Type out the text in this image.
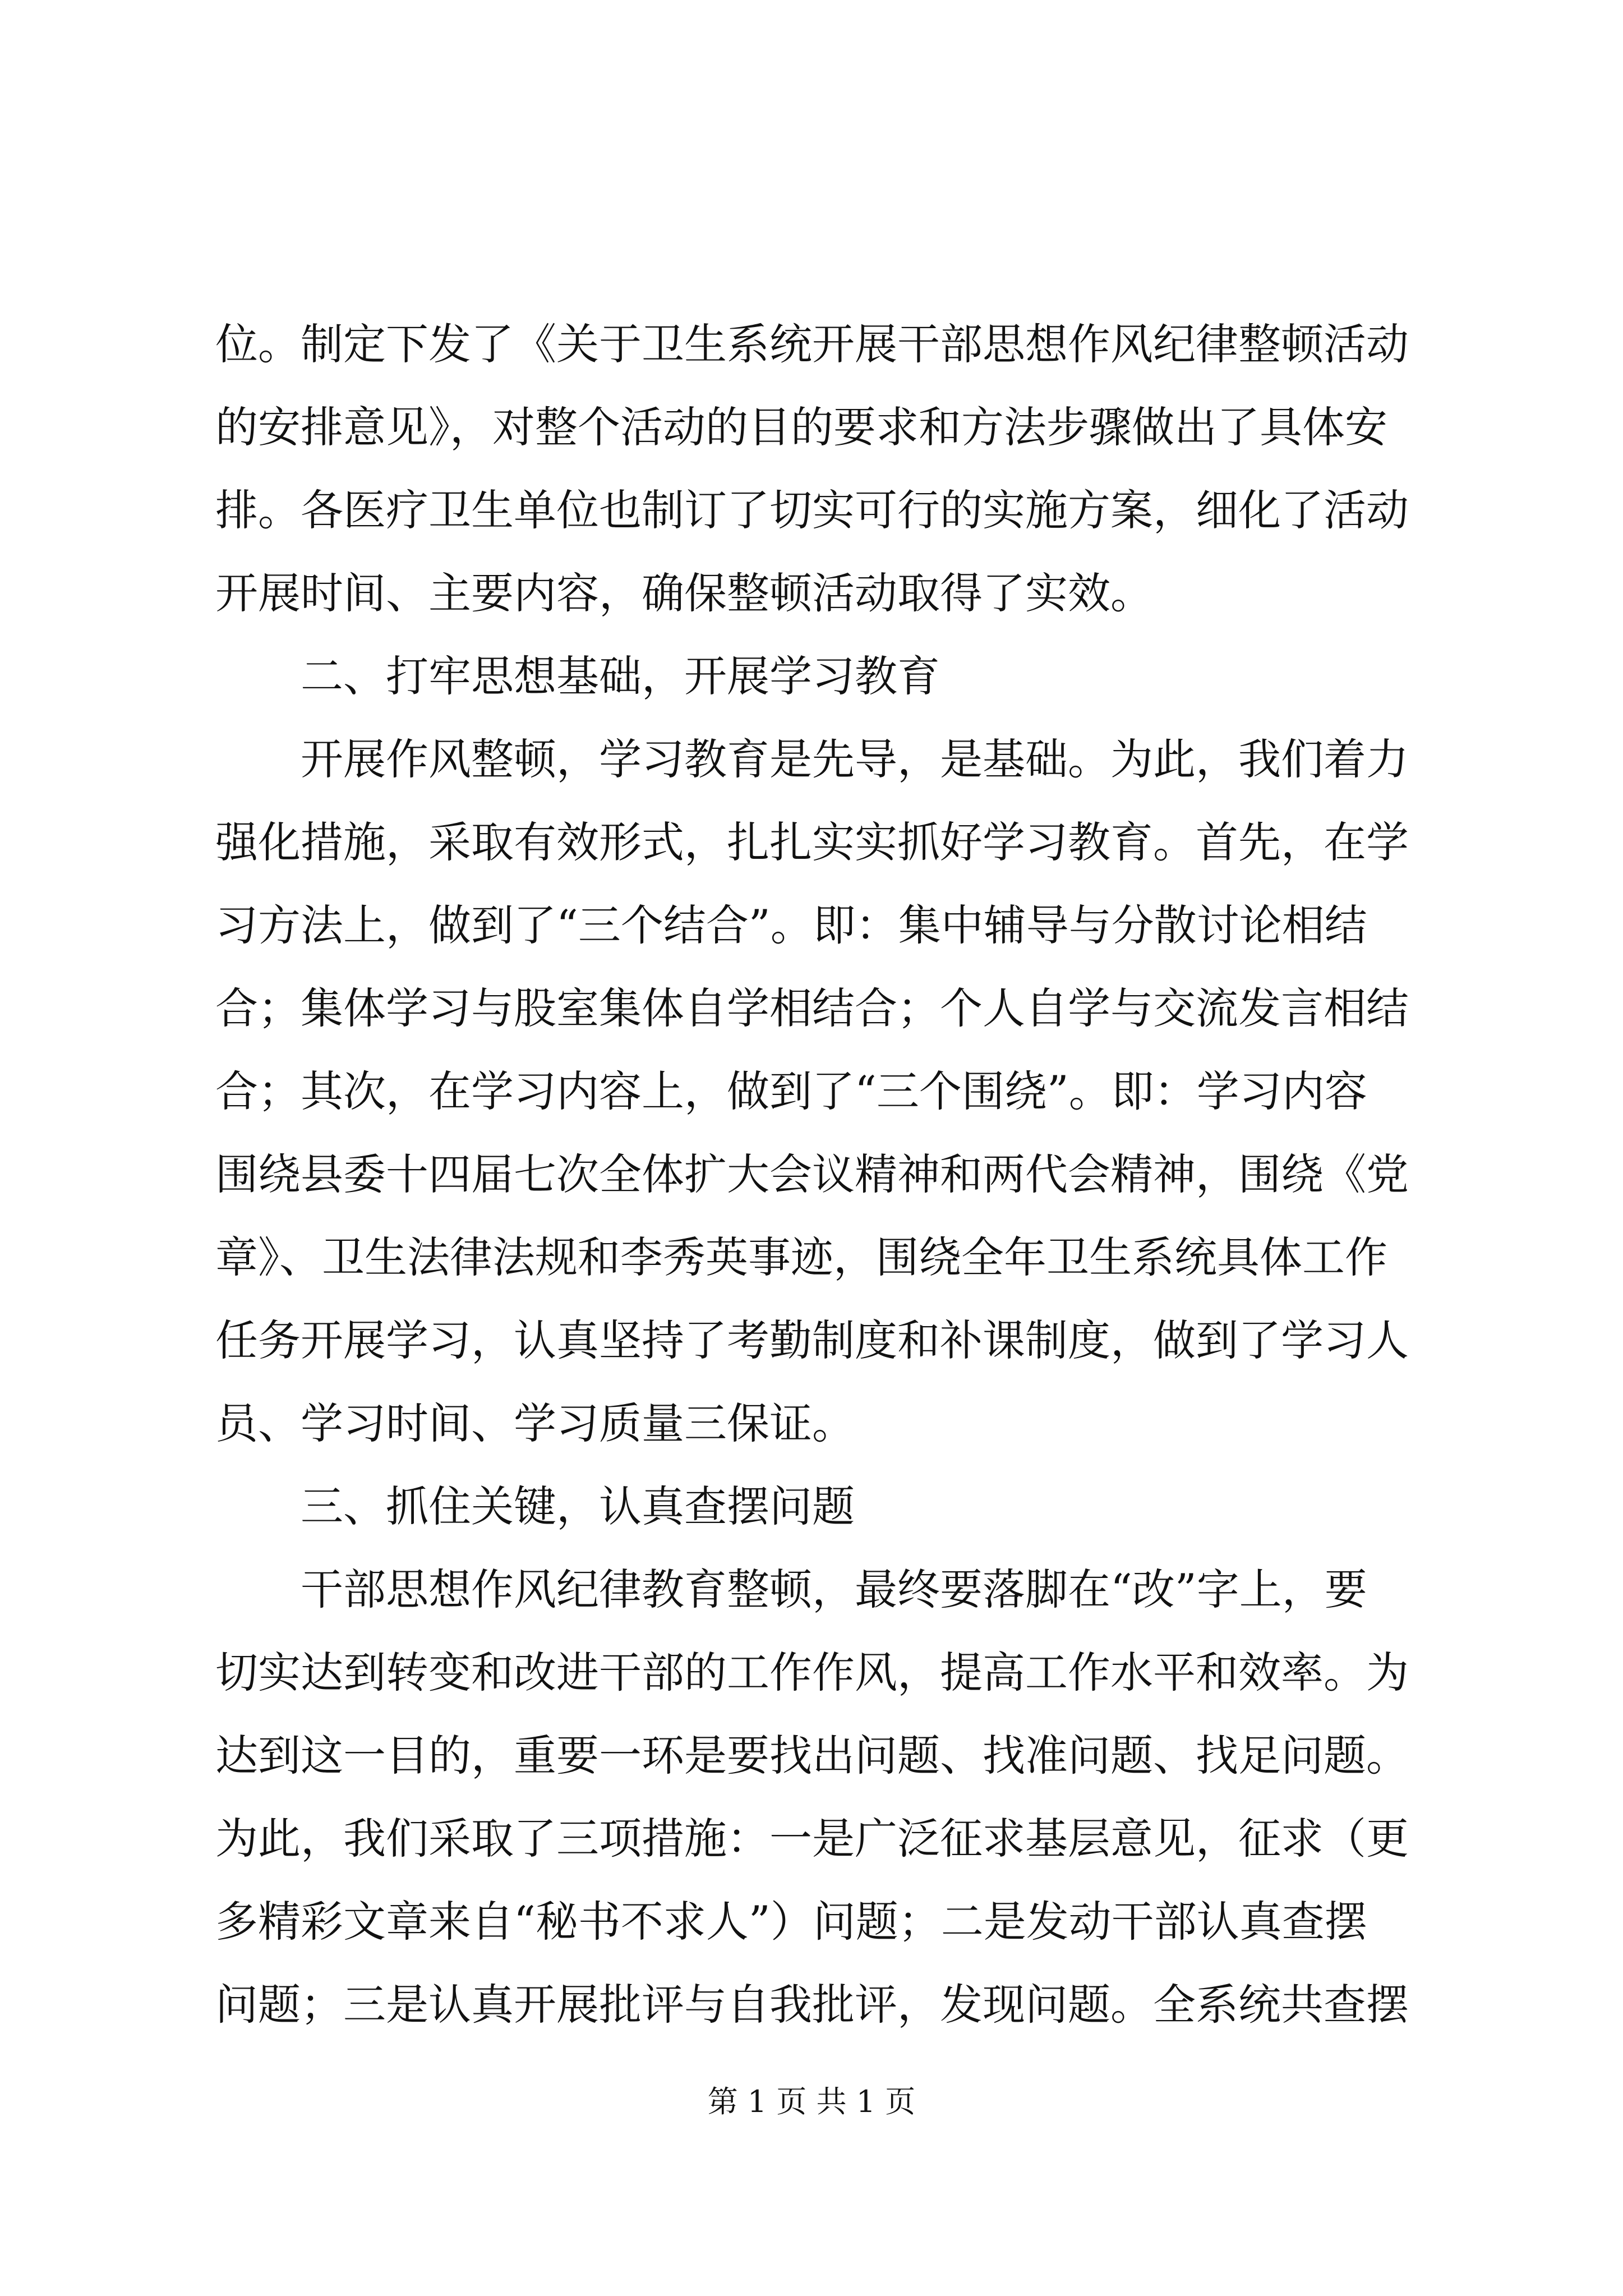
位。制定下发了《关于卫生系统开展干部思想作风纪律整顿活动
的安排意见》，对整个活动的目的要求和方法步骤做出了具体安
排。各医疗卫生单位也制订了切实可行的实施方案，细化了活动
开展时间、主要内容，确保整顿活动取得了实效。
二、打牢思想基础，开展学习教育
开展作风整顿，学习教育是先导，是基础。为此，我们着力
强化措施，采取有效形式，扎扎实实抓好学习教育。首先，在学
习方法上，做到了“三个结合”。即：集中辅导与分散讨论相结
合；集体学习与股室集体自学相结合；个人自学与交流发言相结
合；其次，在学习内容上，做到了“三个围绕”。即：学习内容
围绕县委十四届七次全体扩大会议精神和两代会精神，围绕《党
章》、卫生法律法规和李秀英事迹，围绕全年卫生系统具体工作
任务开展学习，认真坚持了考勤制度和补课制度，做到了学习人
员、学习时间、学习质量三保证。
三、抓住关键，认真查摆问题
干部思想作风纪律教育整顿，最终要落脚在“改”字上，要
切实达到转变和改进干部的工作作风，提高工作水平和效率。为
达到这一目的，重要一环是要找出问题、找准问题、找足问题。
为此，我们采取了三项措施：一是广泛征求基层意见，征求（更
多精彩文章来自“秘书不求人”）问题；二是发动干部认真查摆
问题；三是认真开展批评与自我批评，发现问题。全系统共查摆
第 1 页 共 1 页
